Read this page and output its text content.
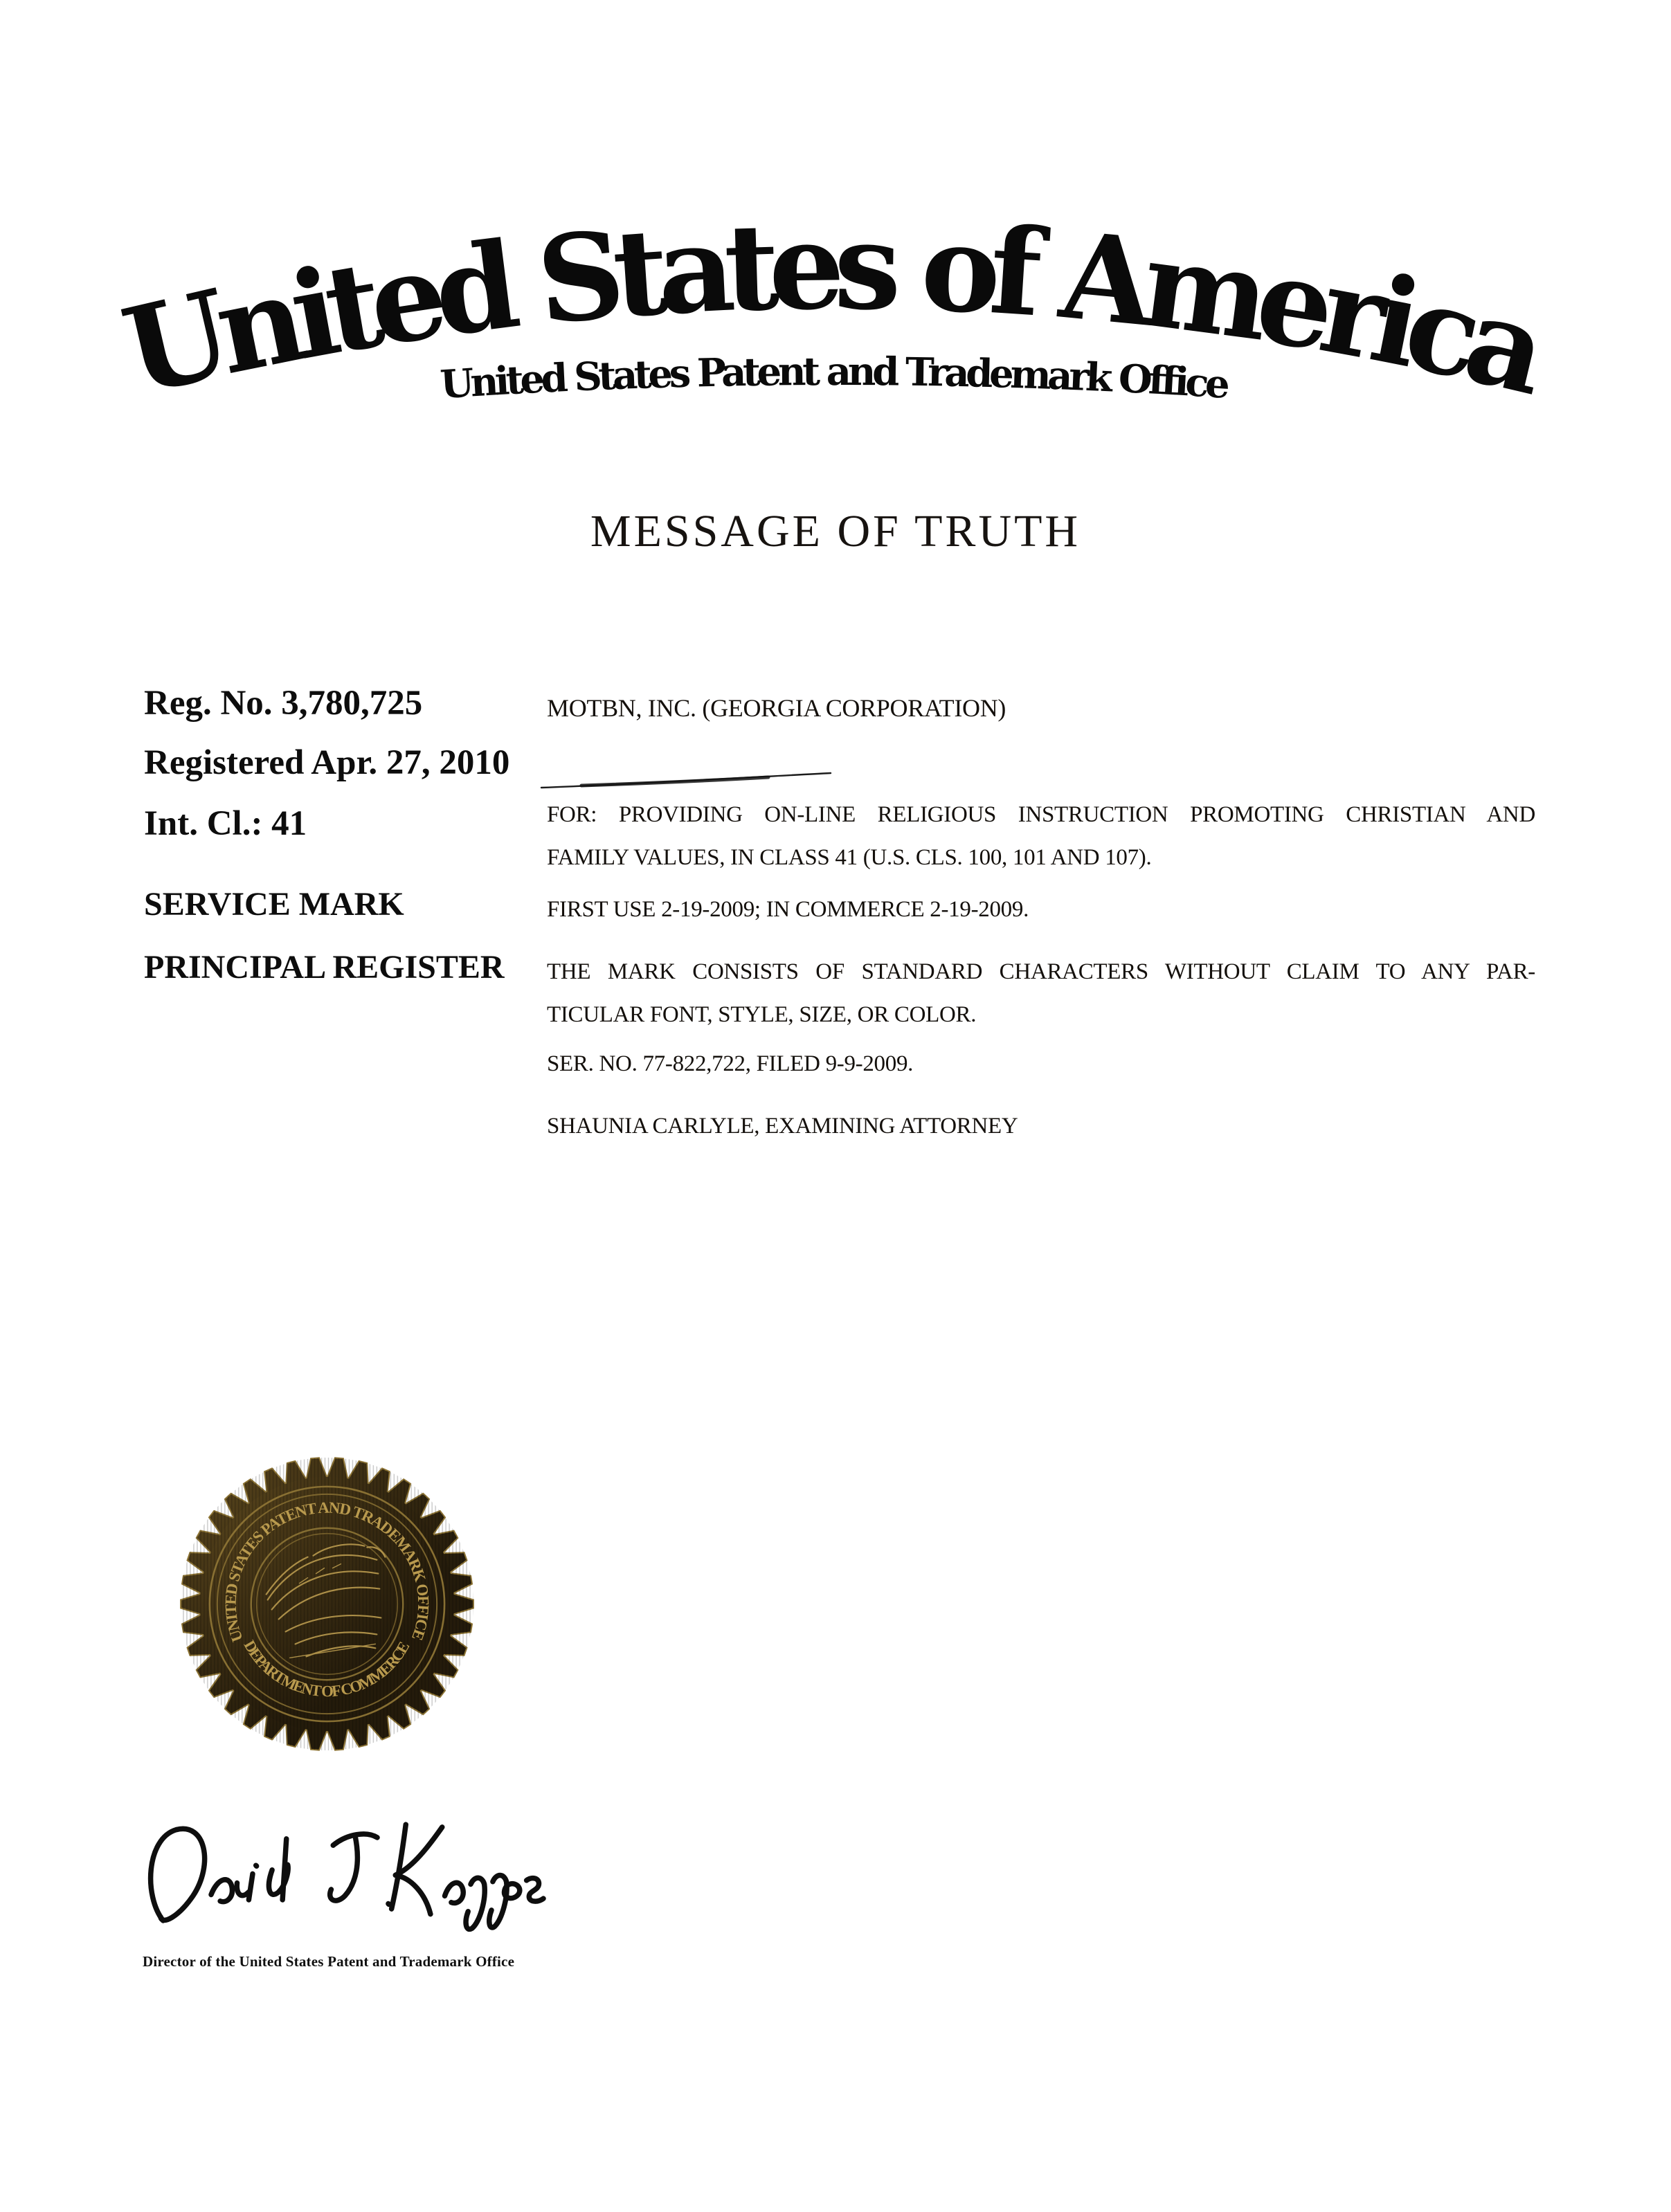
United States of America
United States Patent and Trademark Office
MESSAGE OF TRUTH
Reg. No. 3,780,725
Registered Apr. 27, 2010
Int. Cl.: 41
SERVICE MARK
PRINCIPAL REGISTER
MOTBN, INC. (GEORGIA CORPORATION)
FOR: PROVIDING ON-LINE RELIGIOUS INSTRUCTION PROMOTING CHRISTIAN AND
FAMILY VALUES, IN CLASS 41 (U.S. CLS. 100, 101 AND 107).
FIRST USE 2-19-2009; IN COMMERCE 2-19-2009.
THE MARK CONSISTS OF STANDARD CHARACTERS WITHOUT CLAIM TO ANY PAR-
TICULAR FONT, STYLE, SIZE, OR COLOR.
SER. NO. 77-822,722, FILED 9-9-2009.
SHAUNIA CARLYLE, EXAMINING ATTORNEY
UNITED STATES PATENT AND TRADEMARK OFFICE
DEPARTMENT OF COMMERCE
Director of the United States Patent and Trademark Office
